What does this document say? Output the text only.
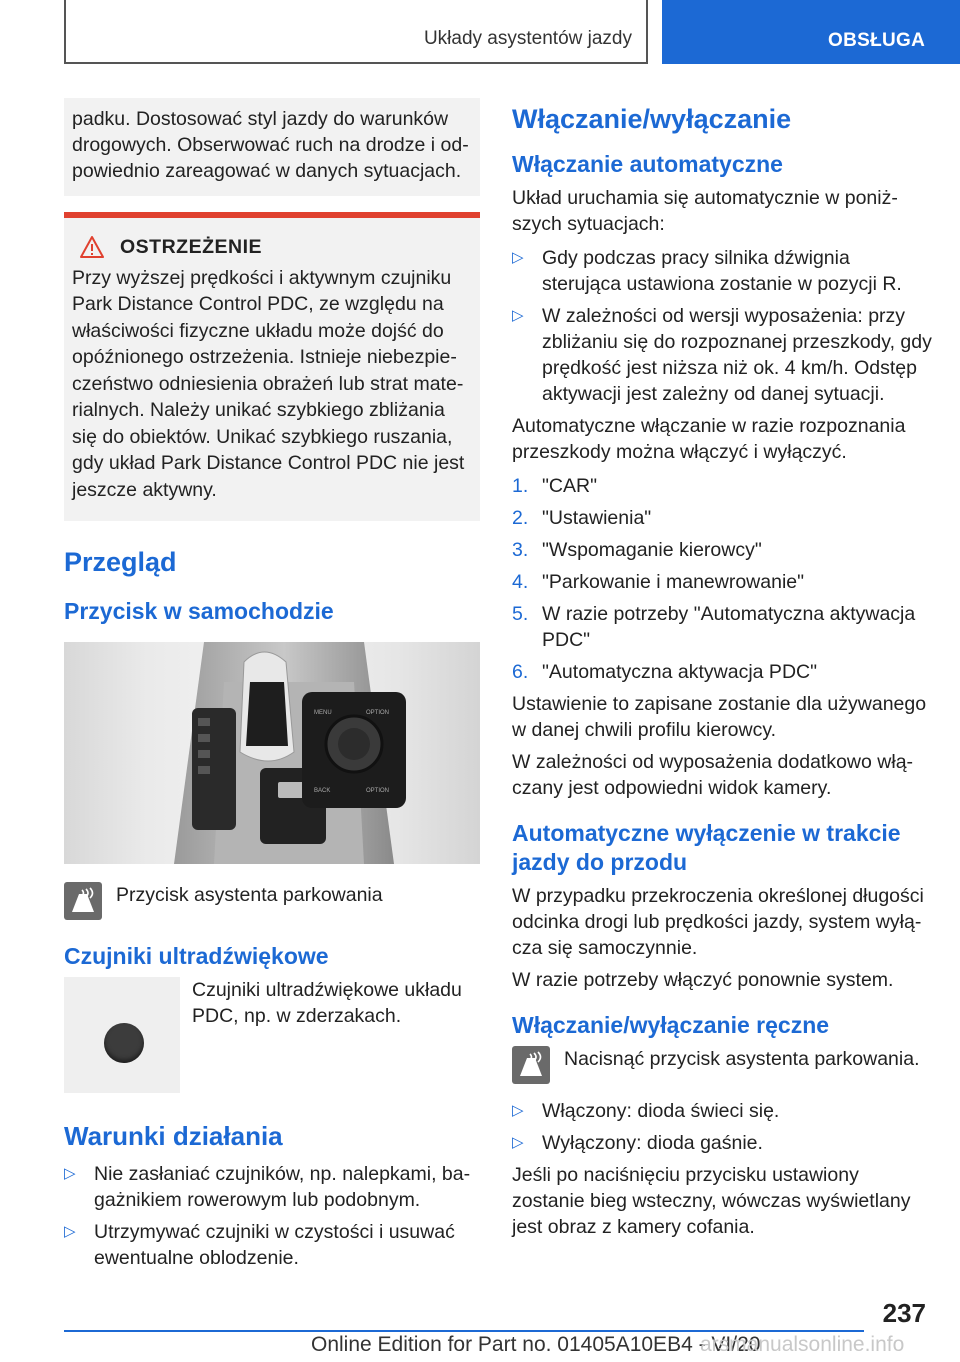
Układy asystentów jazdy	OBSŁUGA

padku. Dostosować styl jazdy do warunków drogowych. Obserwować ruch na drodze i odpowiednio zareagować w danych sytuacjach.

OSTRZEŻENIE

Przy wyższej prędkości i aktywnym czujniku Park Distance Control PDC, ze względu na właściwości fizyczne układu może dojść do opóźnionego ostrzeżenia. Istnieje niebezpieczeństwo odniesienia obrażeń lub strat materialnych. Należy unikać szybkiego zbliżania się do obiektów. Unikać szybkiego ruszania, gdy układ Park Distance Control PDC nie jest jeszcze aktywny.

Przegląd
Przycisk w samochodzie
MENU	OPTION
BACK	OPTION
Przycisk asystenta parkowania
Czujniki ultradźwiękowe
Czujniki ultradźwiękowe układu PDC, np. w zderzakach.
Warunki działania
▷ Nie zasłaniać czujników, np. nalepkami, bagażnikiem rowerowym lub podobnym.
▷ Utrzymywać czujniki w czystości i usuwać ewentualne oblodzenie.
Włączanie/wyłączanie
Włączanie automatyczne

Układ uruchamia się automatycznie w poniższych sytuacjach:

▷ Gdy podczas pracy silnika dźwignia sterująca ustawiona zostanie w pozycji R.
▷ W zależności od wersji wyposażenia: przy zbliżaniu się do rozpoznanej przeszkody, gdy prędkość jest niższa niż ok. 4 km/h. Odstęp aktywacji jest zależny od danej sytuacji.

Automatyczne włączanie w razie rozpoznania przeszkody można włączyć i wyłączyć.

1. "CAR"
2. "Ustawienia"
3. "Wspomaganie kierowcy"
4. "Parkowanie i manewrowanie"
5. W razie potrzeby "Automatyczna aktywacja PDC"
6. "Automatyczna aktywacja PDC"

Ustawienie to zapisane zostanie dla używanego w danej chwili profilu kierowcy.

W zależności od wyposażenia dodatkowo włączany jest odpowiedni widok kamery.

Automatyczne wyłączenie w trakcie jazdy do przodu

W przypadku przekroczenia określonej długości odcinka drogi lub prędkości jazdy, system wyłącza się samoczynnie.

W razie potrzeby włączyć ponownie system.

Włączanie/wyłączanie ręczne
Nacisnąć przycisk asystenta parkowania.
▷ Włączony: dioda świeci się.
▷ Wyłączony: dioda gaśnie.

Jeśli po naciśnięciu przycisku ustawiony zostanie bieg wsteczny, wówczas wyświetlany jest obraz z kamery cofania.

237
Online Edition for Part no. 01405A10EB4 - VI/20
arsmanualsonline.info
